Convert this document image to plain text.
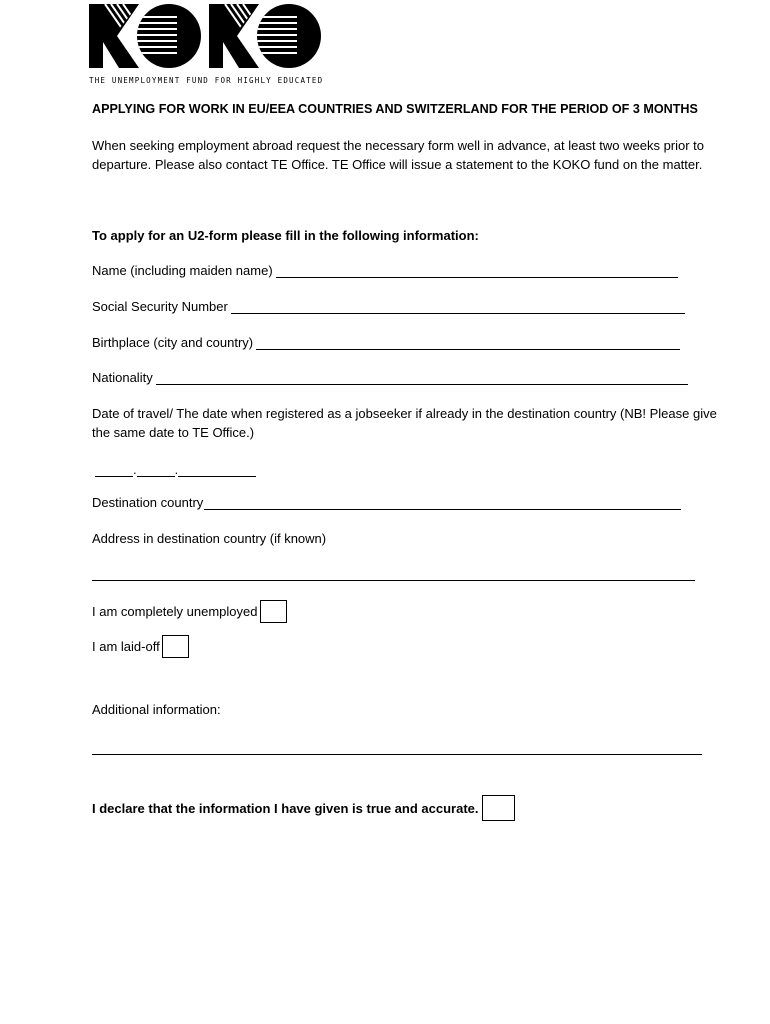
THE UNEMPLOYMENT FUND FOR HIGHLY EDUCATED
APPLYING FOR WORK IN EU/EEA COUNTRIES AND SWITZERLAND FOR THE PERIOD OF 3 MONTHS
When seeking employment abroad request the necessary form well in advance, at least two weeks prior to departure. Please also contact TE Office. TE Office will issue a statement to the KOKO fund on the matter.
To apply for an U2-form please fill in the following information:
Name (including maiden name)
Social Security Number
Birthplace (city and country)
Nationality
Date of travel/ The date when registered as a jobseeker if already in the destination country (NB! Please give the same date to TE Office.)
.	.
Destination country
Address in destination country (if known)
I am completely unemployed
I am laid-off
Additional information:
I declare that the information I have given is true and accurate.
